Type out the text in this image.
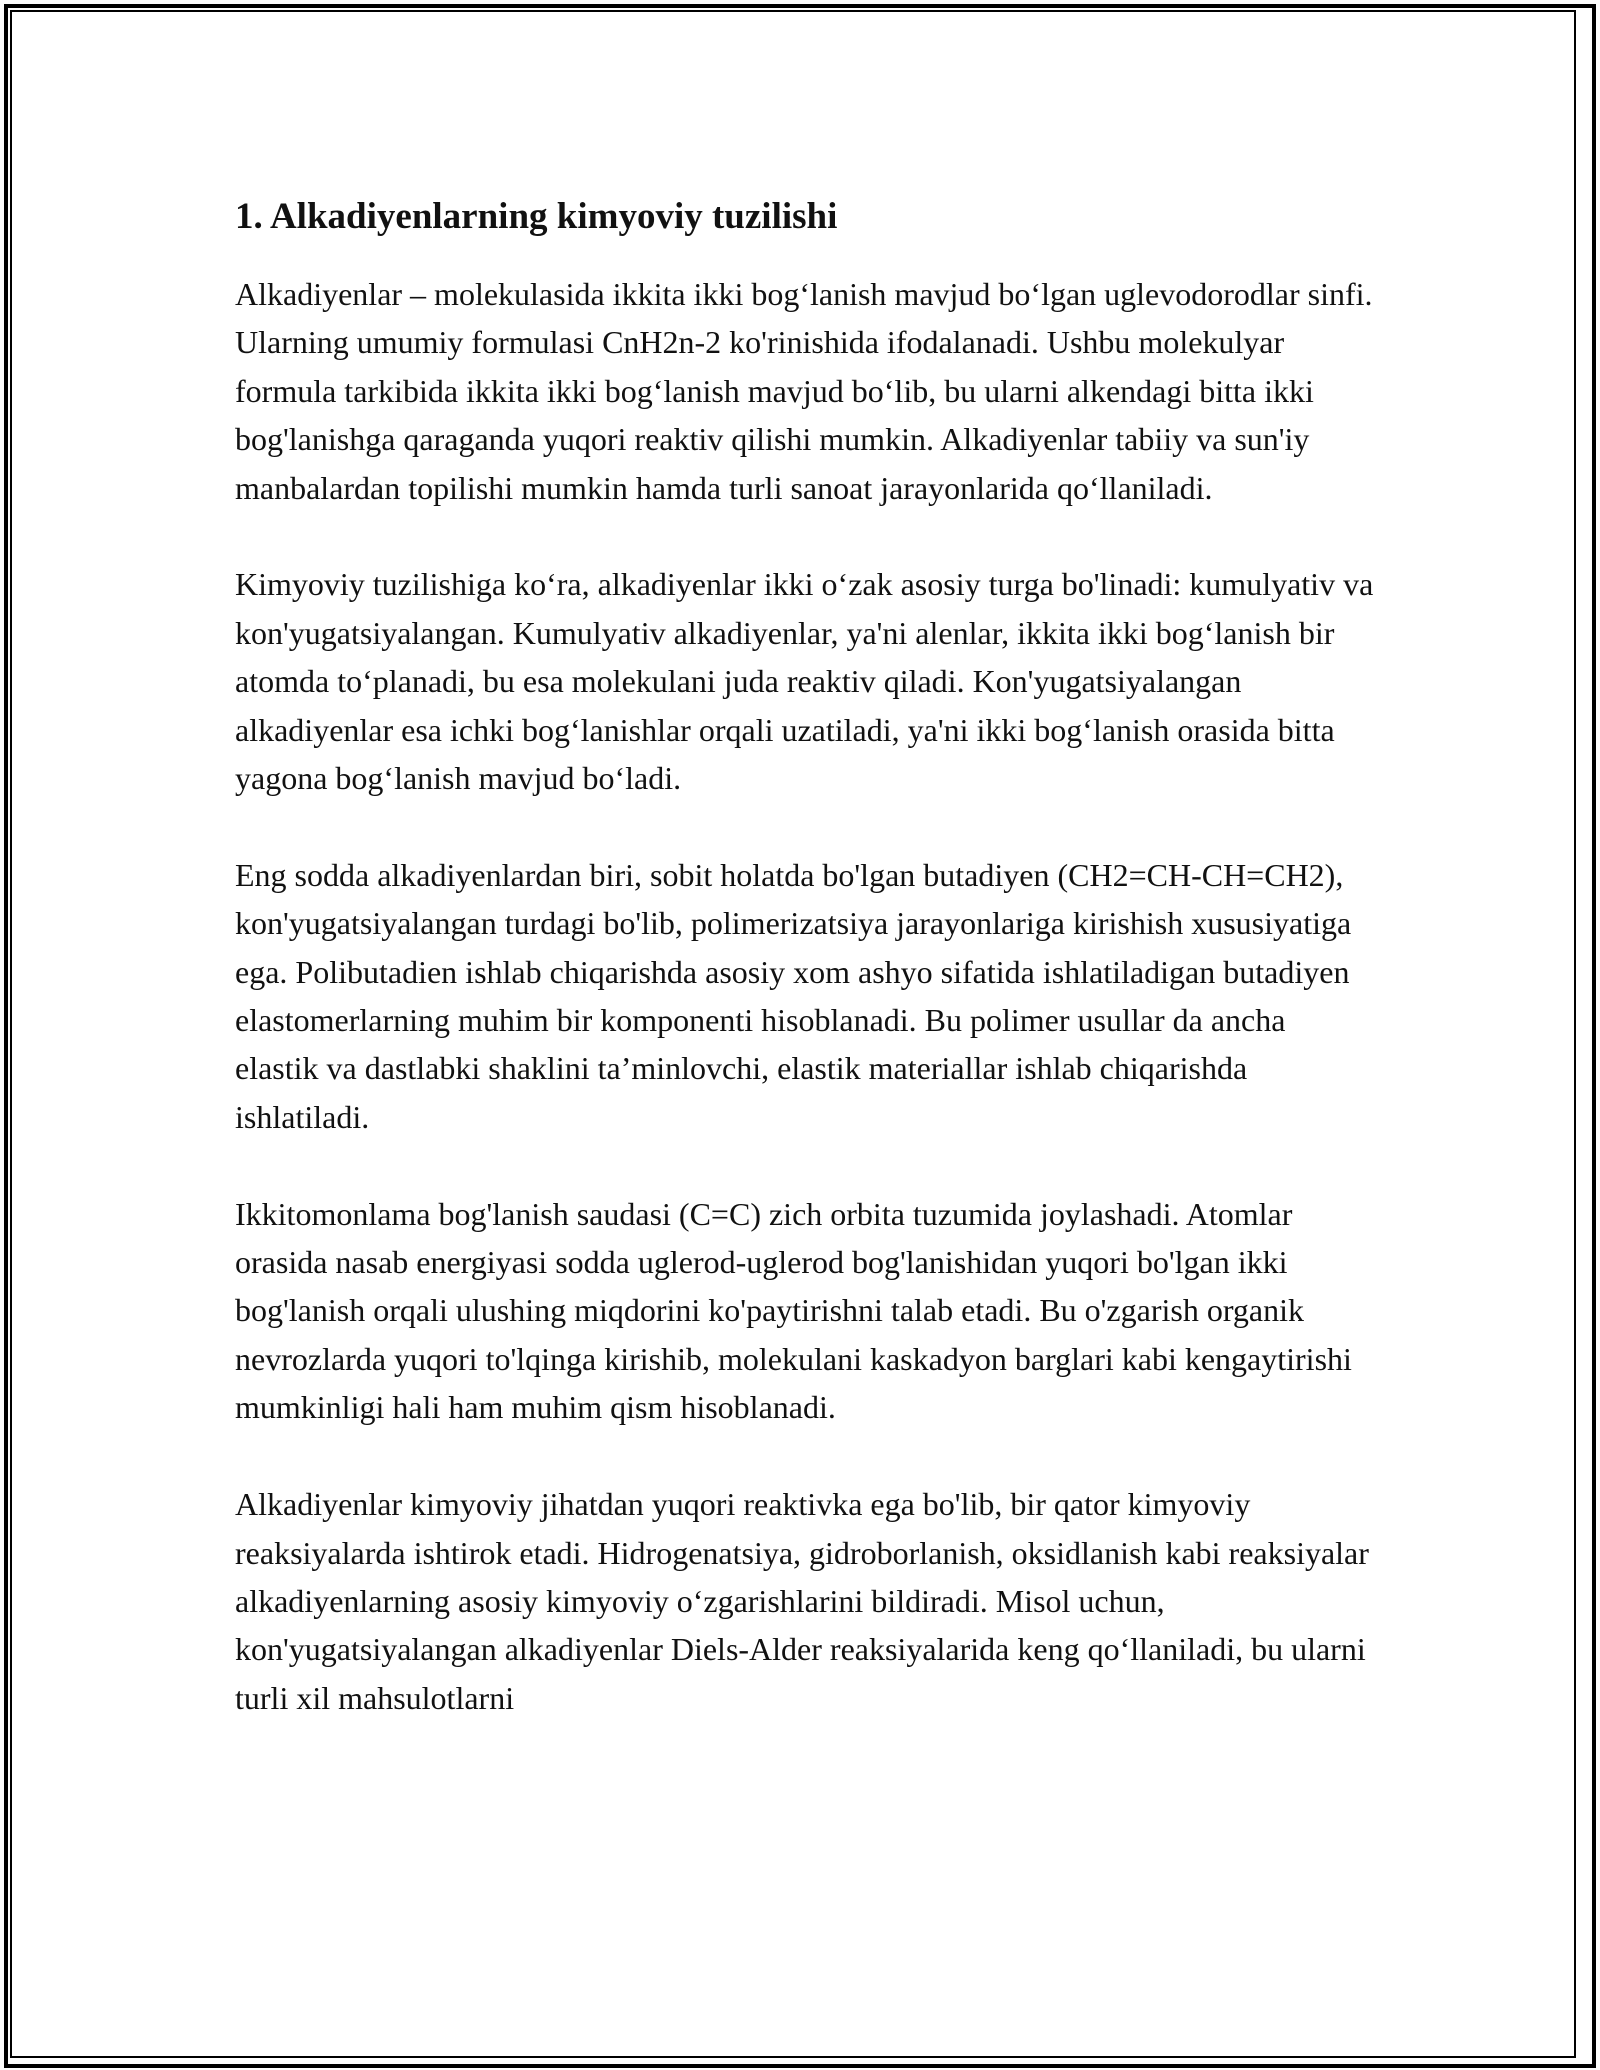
1. Alkadiyenlarning kimyoviy tuzilishi

Alkadiyenlar – molekulasida ikkita ikki bog‘lanish mavjud bo‘lgan uglevodorodlar sinfi. Ularning umumiy formulasi CnH2n-2 ko'rinishida ifodalanadi. Ushbu molekulyar formula tarkibida ikkita ikki bog‘lanish mavjud bo‘lib, bu ularni alkendagi bitta ikki bog'lanishga qaraganda yuqori reaktiv qilishi mumkin. Alkadiyenlar tabiiy va sun'iy manbalardan topilishi mumkin hamda turli sanoat jarayonlarida qo‘llaniladi.

Kimyoviy tuzilishiga ko‘ra, alkadiyenlar ikki o‘zak asosiy turga bo'linadi: kumulyativ va kon'yugatsiyalangan. Kumulyativ alkadiyenlar, ya'ni alenlar, ikkita ikki bog‘lanish bir atomda to‘planadi, bu esa molekulani juda reaktiv qiladi. Kon'yugatsiyalangan alkadiyenlar esa ichki bog‘lanishlar orqali uzatiladi, ya'ni ikki bog‘lanish orasida bitta yagona bog‘lanish mavjud bo‘ladi.

Eng sodda alkadiyenlardan biri, sobit holatda bo'lgan butadiyen (CH2=CH-CH=CH2), kon'yugatsiyalangan turdagi bo'lib, polimerizatsiya jarayonlariga kirishish xususiyatiga ega. Polibutadien ishlab chiqarishda asosiy xom ashyo sifatida ishlatiladigan butadiyen elastomerlarning muhim bir komponenti hisoblanadi. Bu polimer usullar da ancha elastik va dastlabki shaklini ta’minlovchi, elastik materiallar ishlab chiqarishda ishlatiladi.

Ikkitomonlama bog'lanish saudasi (C=C) zich orbita tuzumida joylashadi. Atomlar orasida nasab energiyasi sodda uglerod-uglerod bog'lanishidan yuqori bo'lgan ikki bog'lanish orqali ulushing miqdorini ko'paytirishni talab etadi. Bu o'zgarish organik nevrozlarda yuqori to'lqinga kirishib, molekulani kaskadyon barglari kabi kengaytirishi mumkinligi hali ham muhim qism hisoblanadi.

Alkadiyenlar kimyoviy jihatdan yuqori reaktivka ega bo'lib, bir qator kimyoviy reaksiyalarda ishtirok etadi. Hidrogenatsiya, gidroborlanish, oksidlanish kabi reaksiyalar alkadiyenlarning asosiy kimyoviy o‘zgarishlarini bildiradi. Misol uchun, kon'yugatsiyalangan alkadiyenlar Diels-Alder reaksiyalarida keng qo‘llaniladi, bu ularni turli xil mahsulotlarni
